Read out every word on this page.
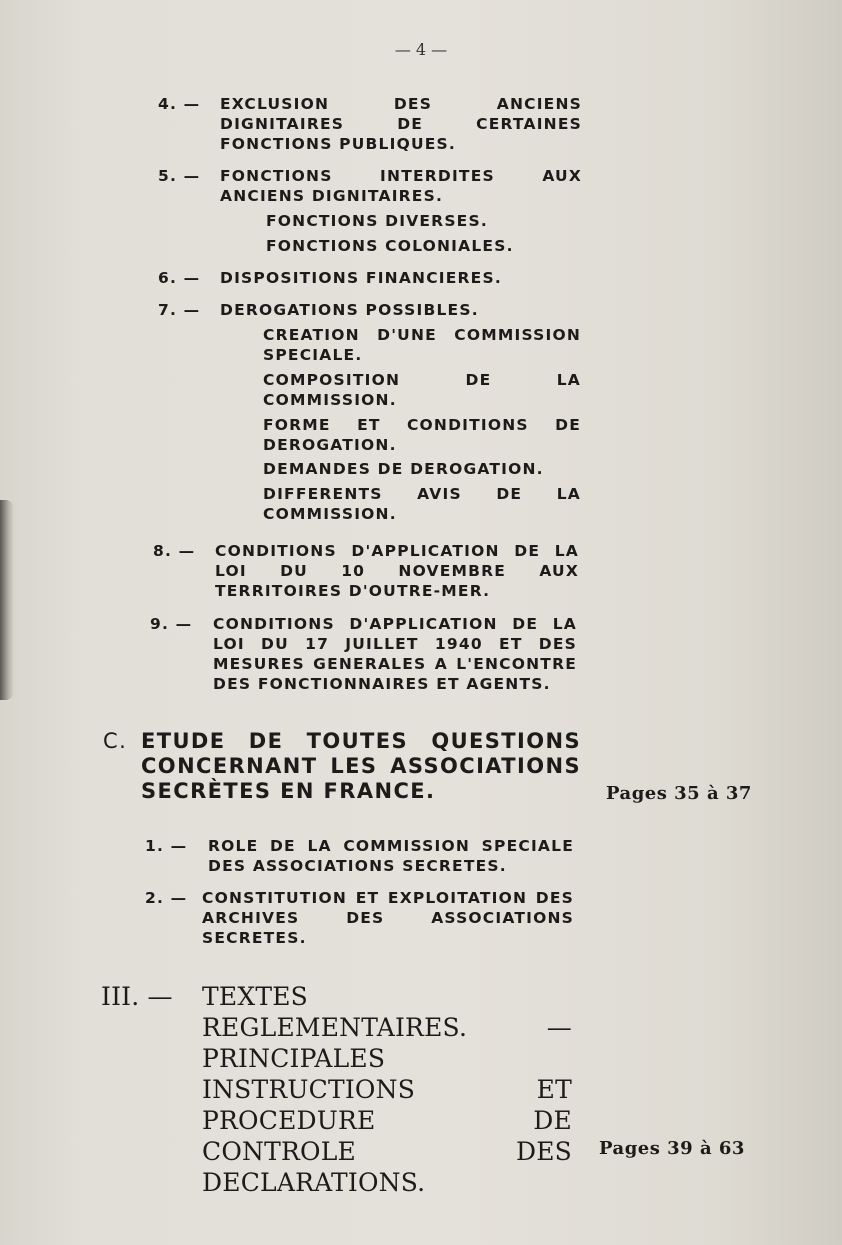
— 4 —
4. — EXCLUSION DES ANCIENS DIGNITAIRES DE CERTAINES FONCTIONS PUBLIQUES.
5. — FONCTIONS INTERDITES AUX ANCIENS DIGNITAIRES.
FONCTIONS DIVERSES.
FONCTIONS COLONIALES.
6. — DISPOSITIONS FINANCIERES.
7. — DEROGATIONS POSSIBLES.
CREATION D'UNE COMMISSION SPECIALE.
COMPOSITION DE LA COMMISSION.
FORME ET CONDITIONS DE DEROGATION.
DEMANDES DE DEROGATION.
DIFFERENTS AVIS DE LA COMMISSION.
8. — CONDITIONS D'APPLICATION DE LA LOI DU 10 NOVEMBRE AUX TERRITOIRES D'OUTRE-MER.
9. — CONDITIONS D'APPLICATION DE LA LOI DU 17 JUILLET 1940 ET DES MESURES GENERALES A L'ENCONTRE DES FONCTIONNAIRES ET AGENTS.
C. ETUDE DE TOUTES QUESTIONS CONCERNANT LES ASSOCIATIONS SECRÈTES EN FRANCE.	Pages 35 à 37
1. — ROLE DE LA COMMISSION SPECIALE DES ASSOCIATIONS SECRETES.
2. — CONSTITUTION ET EXPLOITATION DES ARCHIVES DES ASSOCIATIONS SECRETES.
III. — TEXTES REGLEMENTAIRES. — PRINCIPALES INSTRUCTIONS ET PROCEDURE DE CONTROLE DES DECLARATIONS.
Pages 39 à 63
